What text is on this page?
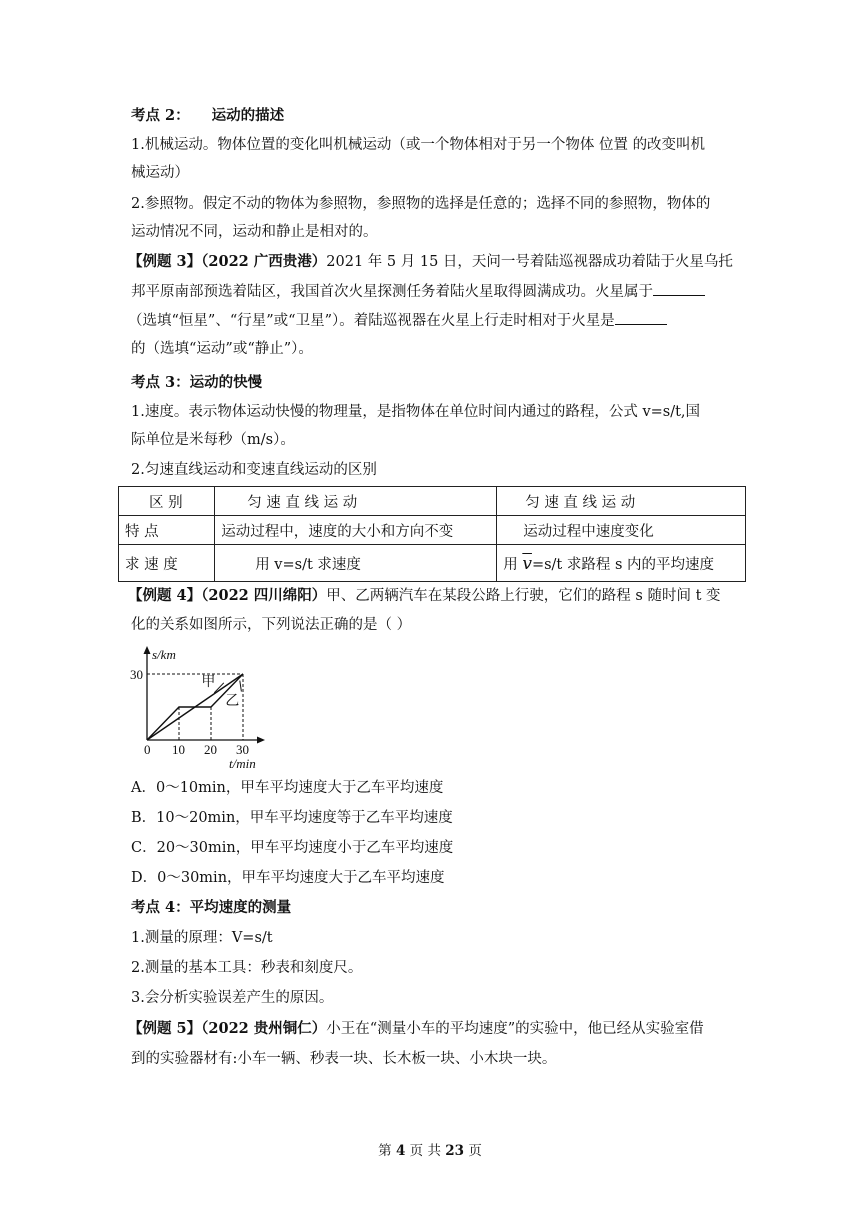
考点 2： 运动的描述
1.机械运动。物体位置的变化叫机械运动（或一个物体相对于另一个物体 位置 的改变叫机
械运动）
2.参照物。假定不动的物体为参照物，参照物的选择是任意的；选择不同的参照物，物体的
运动情况不同，运动和静止是相对的。
【例题 3】（2022 广西贵港）2021 年 5 月 15 日，天问一号着陆巡视器成功着陆于火星乌托
邦平原南部预选着陆区，我国首次火星探测任务着陆火星取得圆满成功。火星属于
（选填“恒星”、“行星”或“卫星”）。着陆巡视器在火星上行走时相对于火星是
的（选填“运动”或“静止”）。
考点 3：运动的快慢
1.速度。表示物体运动快慢的物理量，是指物体在单位时间内通过的路程，公式 v=s/t,国
际单位是米每秒（m/s）。
2.匀速直线运动和变速直线运动的区别
区 别	匀 速 直 线 运 动	匀 速 直 线 运 动
特 点	运动过程中，速度的大小和方向不变	运动过程中速度变化
求 速 度	用 v=s/t 求速度	用 $\overline{v}=s/t$ 求路程 s 内的平均速度
【例题 4】（2022 四川绵阳）甲、乙两辆汽车在某段公路上行驶，它们的路程 s 随时间 t 变
化的关系如图所示，下列说法正确的是（ ）
s/km
t/min
0 10 20 30
30
甲
乙
A．0～10min，甲车平均速度大于乙车平均速度
B．10～20min，甲车平均速度等于乙车平均速度
C．20～30min，甲车平均速度小于乙车平均速度
D．0～30min，甲车平均速度大于乙车平均速度
考点 4：平均速度的测量
1.测量的原理：V=s/t
2.测量的基本工具：秒表和刻度尺。
3.会分析实验误差产生的原因。
【例题 5】（2022 贵州铜仁）小王在“测量小车的平均速度”的实验中，他已经从实验室借
到的实验器材有:小车一辆、秒表一块、长木板一块、小木块一块。
第 4 页 共 23 页
